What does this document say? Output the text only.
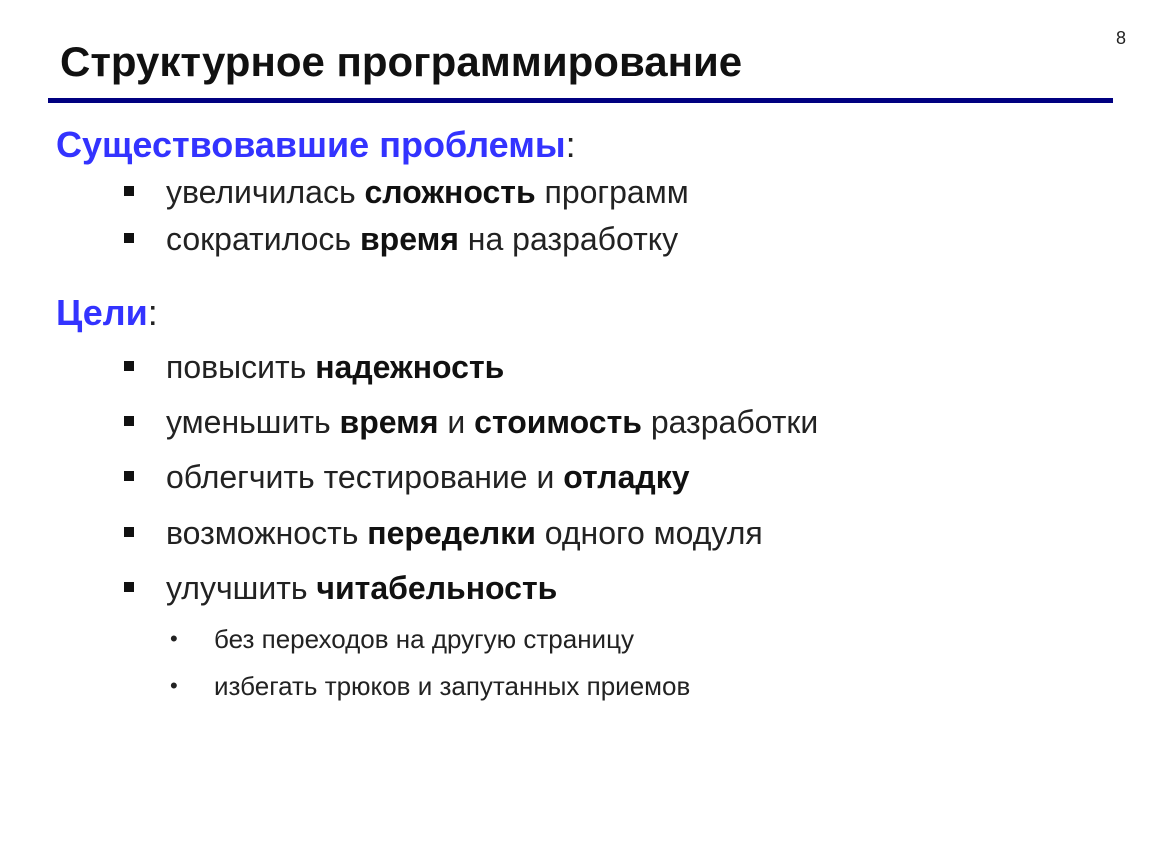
8
Структурное программирование
Существовавшие проблемы:
увеличилась сложность программ
сократилось время на разработку
Цели:
повысить надежность
уменьшить время и стоимость разработки
облегчить тестирование и отладку
возможность переделки одного модуля
улучшить читабельность
• без переходов на другую страницу
• избегать трюков и запутанных приемов
